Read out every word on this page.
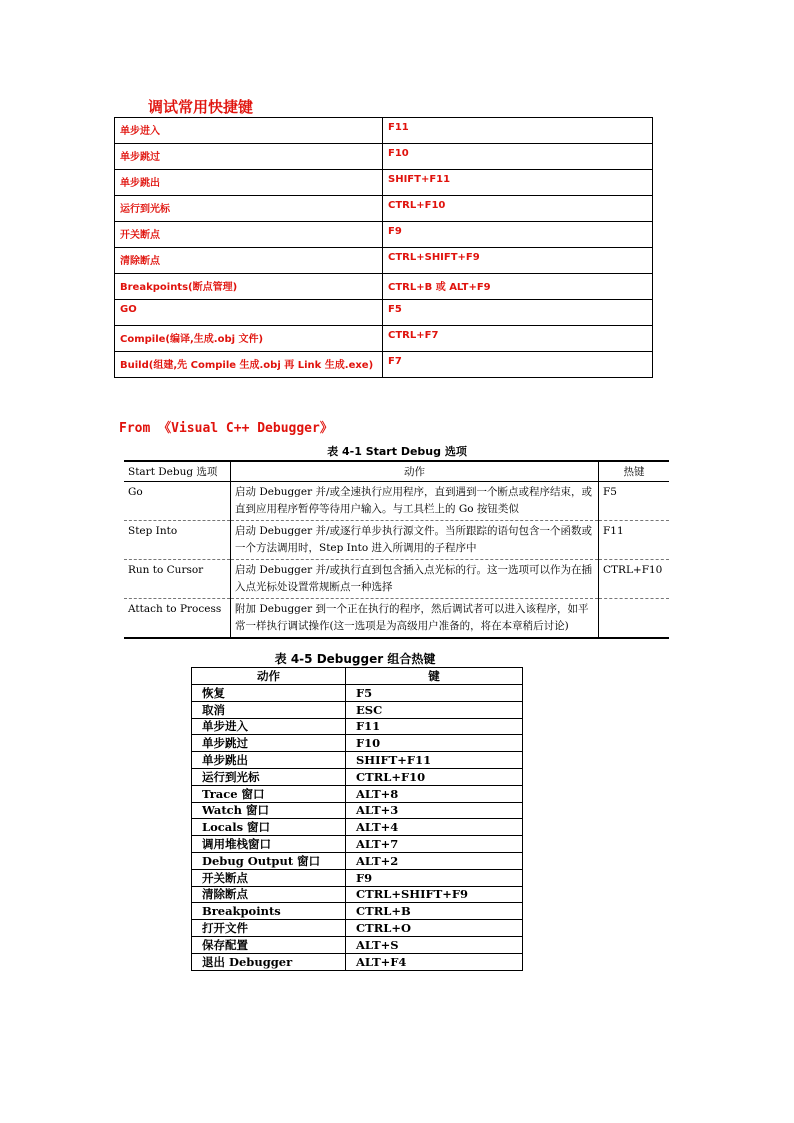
调试常用快捷键
单步进入	F11
单步跳过	F10
单步跳出	SHIFT+F11
运行到光标	CTRL+F10
开关断点	F9
清除断点	CTRL+SHIFT+F9
Breakpoints(断点管理)	CTRL+B 或 ALT+F9
GO	F5
Compile(编译,生成.obj 文件)	CTRL+F7
Build(组建,先 Compile 生成.obj 再 Link 生成.exe)	F7
From 《Visual C++ Debugger》
表 4-1 Start Debug 选项
Start Debug 选项	动作	热键
Go	启动 Debugger 并/或全速执行应用程序，直到遇到一个断点或程序结束，或直到应用程序暂停等待用户输入。与工具栏上的 Go 按钮类似	F5
Step Into	启动 Debugger 并/或逐行单步执行源文件。当所跟踪的语句包含一个函数或一个方法调用时，Step Into 进入所调用的子程序中	F11
Run to Cursor	启动 Debugger 并/或执行直到包含插入点光标的行。这一选项可以作为在插入点光标处设置常规断点一种选择	CTRL+F10
Attach to Process	附加 Debugger 到一个正在执行的程序，然后调试者可以进入该程序，如平常一样执行调试操作(这一选项是为高级用户准备的，将在本章稍后讨论)	
表 4-5 Debugger 组合热键
动作	键
恢复	F5
取消	ESC
单步进入	F11
单步跳过	F10
单步跳出	SHIFT+F11
运行到光标	CTRL+F10
Trace 窗口	ALT+8
Watch 窗口	ALT+3
Locals 窗口	ALT+4
调用堆栈窗口	ALT+7
Debug Output 窗口	ALT+2
开关断点	F9
清除断点	CTRL+SHIFT+F9
Breakpoints	CTRL+B
打开文件	CTRL+O
保存配置	ALT+S
退出 Debugger	ALT+F4
